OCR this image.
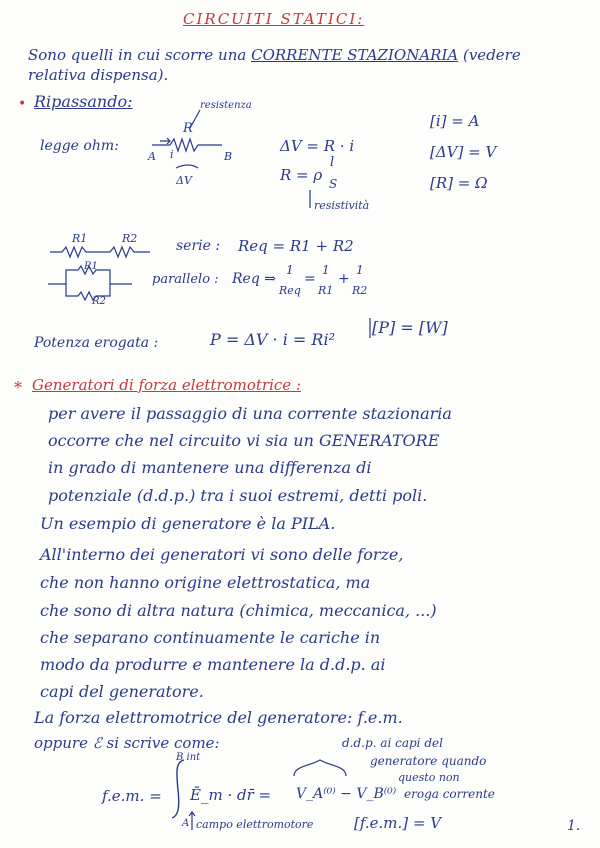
CIRCUITI STATICI:
Sono quelli in cui scorre una CORRENTE STAZIONARIA (vedere
relativa dispensa).
• Ripassando:
legge ohm:
resistenza
R
A i	B
ΔV
ΔV = R · i
R = ρ
l
S
resistività
[i] = A
[ΔV] = V
[R] = Ω
R1	R2	serie : Req = R1 + R2
R1
R2
parallelo : Req ⇒
1
Req
=
1
R1
+
1
R2
Potenza erogata :	P = ΔV · i = Ri²
[P] = [W]
* Generatori di forza elettromotrice :
per avere il passaggio di una corrente stazionaria
occorre che nel circuito vi sia un GENERATORE
in grado di mantenere una differenza di
potenziale (d.d.p.) tra i suoi estremi, detti poli.
Un esempio di generatore è la PILA.
All'interno dei generatori vi sono delle forze,
che non hanno origine elettrostatica, ma
che sono di altra natura (chimica, meccanica, ...)
che separano continuamente le cariche in
modo da produrre e mantenere la d.d.p. ai
capi del generatore.
La forza elettromotrice del generatore: f.e.m.
oppure ℰ si scrive come:
f.e.m. =
B int
A
Ē_m · dr̄ =
campo elettromotore
V_A⁽⁰⁾ − V_B⁽⁰⁾
d.d.p. ai capi del
generatore quando
questo non
eroga corrente
[f.e.m.] = V	1.
